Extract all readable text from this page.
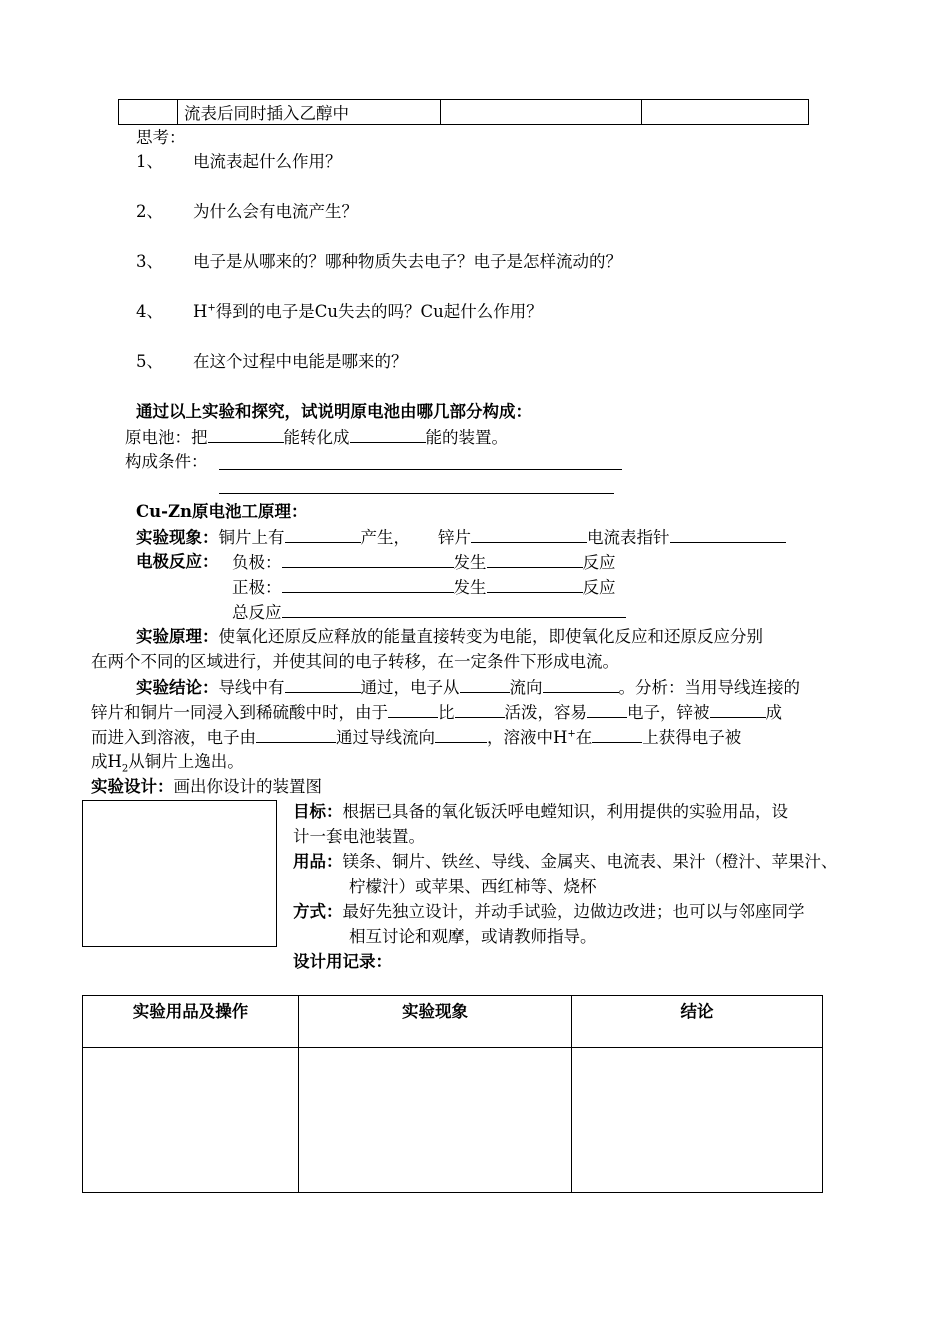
	流表后同时插入乙醇中		
思考：
1、 电流表起什么作用？
2、 为什么会有电流产生？
3、 电子是从哪来的？哪种物质失去电子？电子是怎样流动的？
4、 H+得到的电子是Cu失去的吗？Cu起什么作用？
5、 在这个过程中电能是哪来的？
通过以上实验和探究，试说明原电池由哪几部分构成：
原电池：把	能转化成	能的装置。
构成条件：
Cu-Zn原电池工原理：
实验现象：铜片上有	产生， 锌片	电流表指针
电极反应： 负极：	发生	反应
正极：	发生	反应
总反应
实验原理：使氧化还原反应释放的能量直接转变为电能，即使氧化反应和还原反应分别
在两个不同的区域进行，并使其间的电子转移，在一定条件下形成电流。
实验结论：导线中有	通过，电子从	流向	。分析：当用导线连接的
锌片和铜片一同浸入到稀硫酸中时，由于	比	活泼，容易 电子，锌被	成
而进入到溶液，电子由	通过导线流向	，溶液中H+在	上获得电子被
成$H_2$从铜片上逸出。
实验设计：画出你设计的装置图
目标：根据已具备的氧化钣沃呼电螳知识，利用提供的实验用品，设
计一套电池装置。
用品：镁条、铜片、铁丝、导线、金属夹、电流表、果汁（橙汁、苹果汁、
柠檬汁）或苹果、西红柿等、烧杯
方式：最好先独立设计，并动手试验，边做边改进；也可以与邻座同学
相互讨论和观摩，或请教师指导。
设计用记录：
实验用品及操作	实验现象	结论
